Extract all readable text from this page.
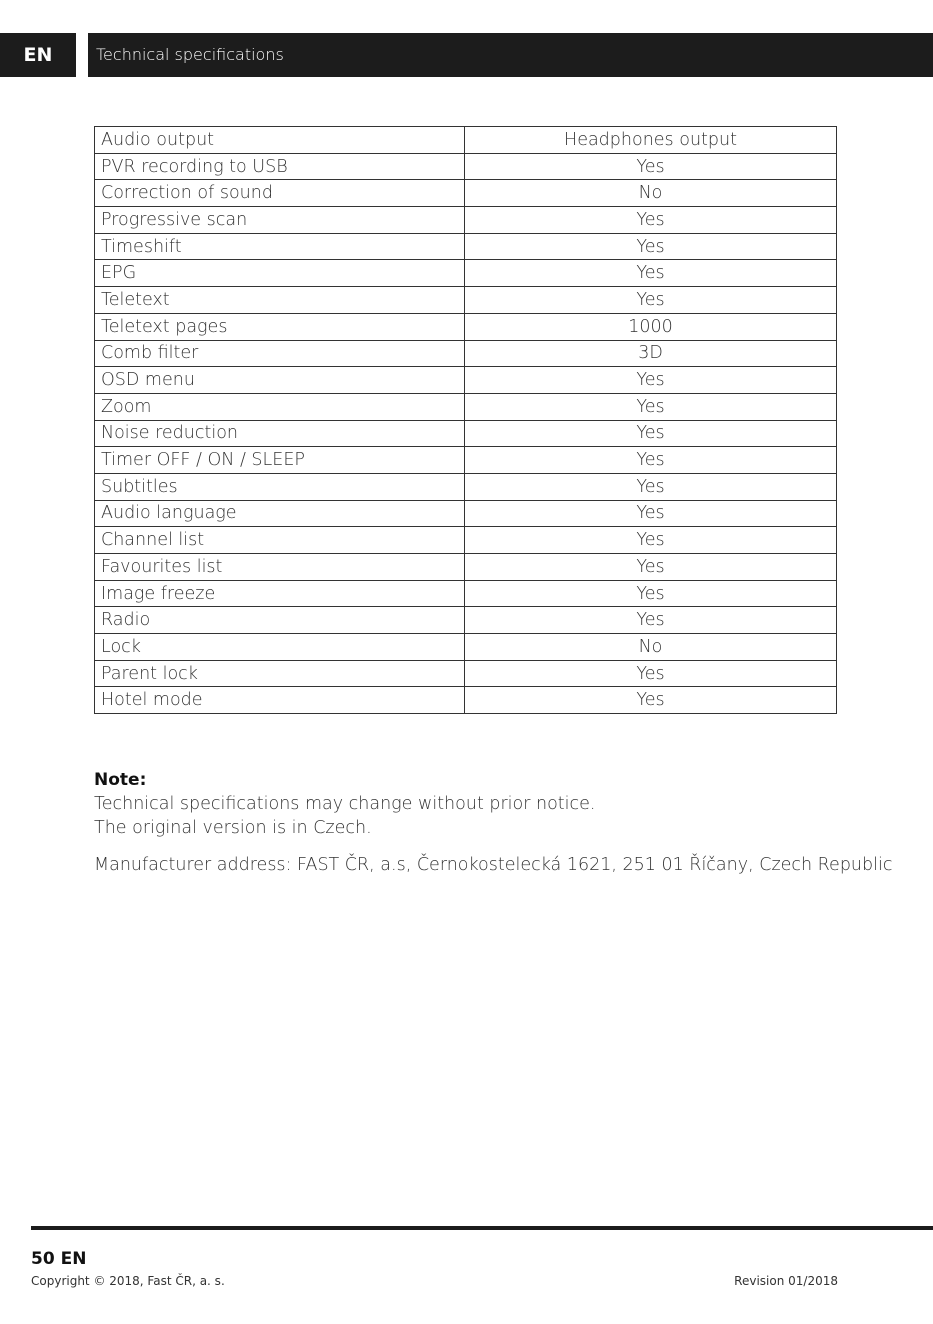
EN	Technical specifications
Audio output	Headphones output
PVR recording to USB	Yes
Correction of sound	No
Progressive scan	Yes
Timeshift	Yes
EPG	Yes
Teletext	Yes
Teletext pages	1000
Comb filter	3D
OSD menu	Yes
Zoom	Yes
Noise reduction	Yes
Timer OFF / ON / SLEEP	Yes
Subtitles	Yes
Audio language	Yes
Channel list	Yes
Favourites list	Yes
Image freeze	Yes
Radio	Yes
Lock	No
Parent lock	Yes
Hotel mode	Yes
Note:
Technical specifications may change without prior notice.
The original version is in Czech.
Manufacturer address: FAST ČR, a.s, Černokostelecká 1621, 251 01 Říčany, Czech Republic
50 EN
Copyright © 2018, Fast ČR, a. s.	Revision 01/2018
